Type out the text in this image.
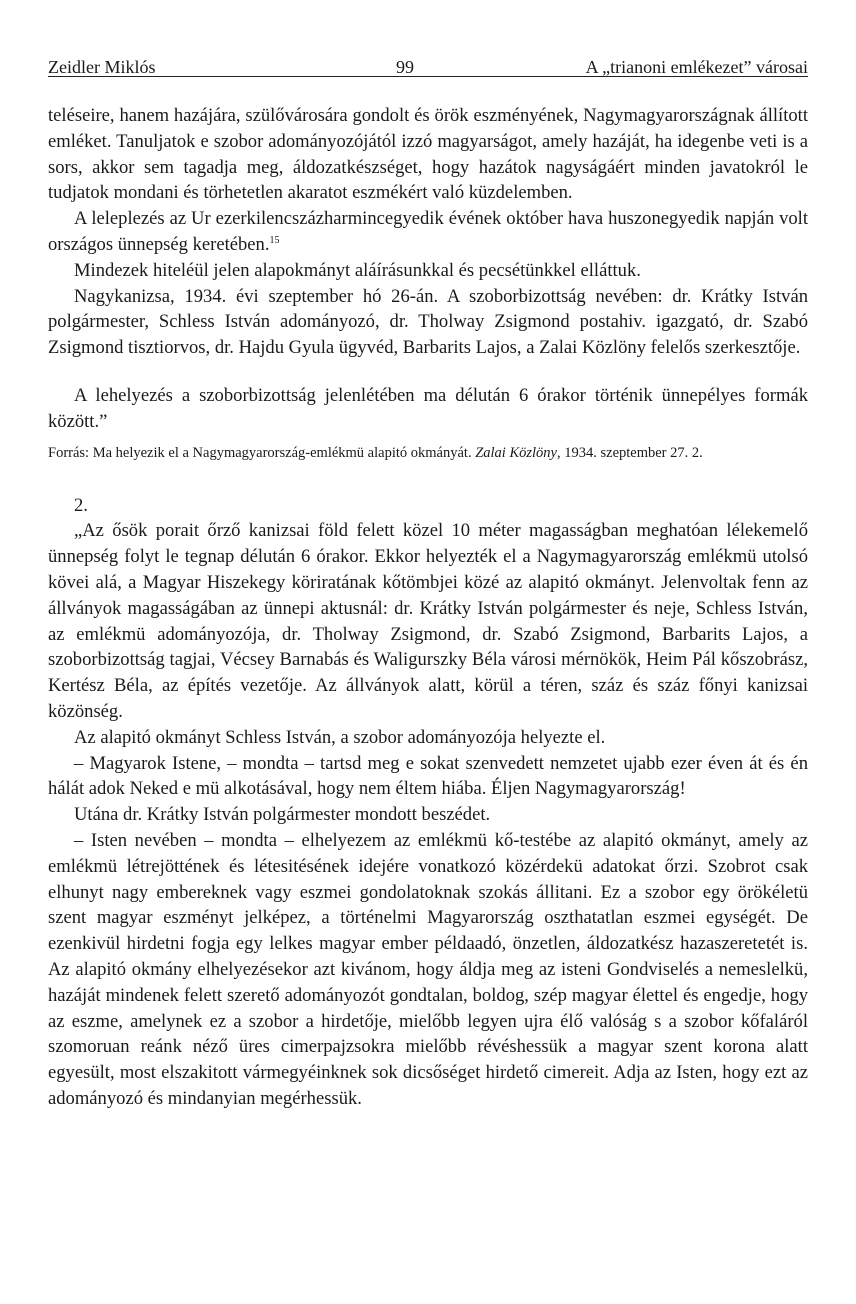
Zeidler Miklós	99	A „trianoni emlékezet” városai

teléseire, hanem hazájára, szülővárosára gondolt és örök eszményének, Nagymagyarországnak állított emléket. Tanuljatok e szobor adományozójától izzó magyarságot, amely hazáját, ha idegenbe veti is a sors, akkor sem tagadja meg, áldozatkészséget, hogy hazátok nagyságáért minden javatokról le tudjatok mondani és törhetetlen akaratot eszmékért való küzdelemben.

A leleplezés az Ur ezerkilencszázharmincegyedik évének október hava huszonegyedik napján volt országos ünnepség keretében.$^{15}$

Mindezek hiteléül jelen alapokmányt aláírásunkkal és pecsétünkkel elláttuk.

Nagykanizsa, 1934. évi szeptember hó 26-án. A szoborbizottság nevében: dr. Krátky István polgármester, Schless István adományozó, dr. Tholway Zsigmond postahiv. igazgató, dr. Szabó Zsigmond tisztiorvos, dr. Hajdu Gyula ügyvéd, Barbarits Lajos, a Zalai Közlöny felelős szerkesztője.

A lehelyezés a szoborbizottság jelenlétében ma délután 6 órakor történik ünnepélyes formák között.”

Forrás: Ma helyezik el a Nagymagyarország-emlékmü alapitó okmányát. Zalai Közlöny, 1934. szeptember 27. 2.
2.

„Az ősök porait őrző kanizsai föld felett közel 10 méter magasságban meghatóan lélekemelő ünnepség folyt le tegnap délután 6 órakor. Ekkor helyezték el a Nagymagyarország emlékmü utolsó kövei alá, a Magyar Hiszekegy köriratának kőtömbjei közé az alapitó okmányt. Jelenvoltak fenn az állványok magasságában az ünnepi aktusnál: dr. Krátky István polgármester és neje, Schless István, az emlékmü adományozója, dr. Tholway Zsigmond, dr. Szabó Zsigmond, Barbarits Lajos, a szoborbizottság tagjai, Vécsey Barnabás és Waligurszky Béla városi mérnökök, Heim Pál kőszobrász, Kertész Béla, az építés vezetője. Az állványok alatt, körül a téren, száz és száz főnyi kanizsai közönség.

Az alapitó okmányt Schless István, a szobor adományozója helyezte el.

– Magyarok Istene, – mondta – tartsd meg e sokat szenvedett nemzetet ujabb ezer éven át és én hálát adok Neked e mü alkotásával, hogy nem éltem hiába. Éljen Nagymagyarország!

Utána dr. Krátky István polgármester mondott beszédet.

– Isten nevében – mondta – elhelyezem az emlékmü kő-testébe az alapitó okmányt, amely az emlékmü létrejöttének és létesitésének idejére vonatkozó közérdekü adatokat őrzi. Szobrot csak elhunyt nagy embereknek vagy eszmei gondolatoknak szokás állitani. Ez a szobor egy örökéletü szent magyar eszményt jelképez, a történelmi Magyarország oszthatatlan eszmei egységét. De ezenkivül hirdetni fogja egy lelkes magyar ember példaadó, önzetlen, áldozatkész hazaszeretetét is. Az alapitó okmány elhelyezésekor azt kivánom, hogy áldja meg az isteni Gondviselés a nemeslelkü, hazáját mindenek felett szerető adományozót gondtalan, boldog, szép magyar élettel és engedje, hogy az eszme, amelynek ez a szobor a hirdetője, mielőbb legyen ujra élő valóság s a szobor kőfaláról szomoruan reánk néző üres cimerpajzsokra mielőbb révéshessük a magyar szent korona alatt egyesült, most elszakitott vármegyéinknek sok dicsőséget hirdető cimereit. Adja az Isten, hogy ezt az adományozó és mindanyian megérhessük.
